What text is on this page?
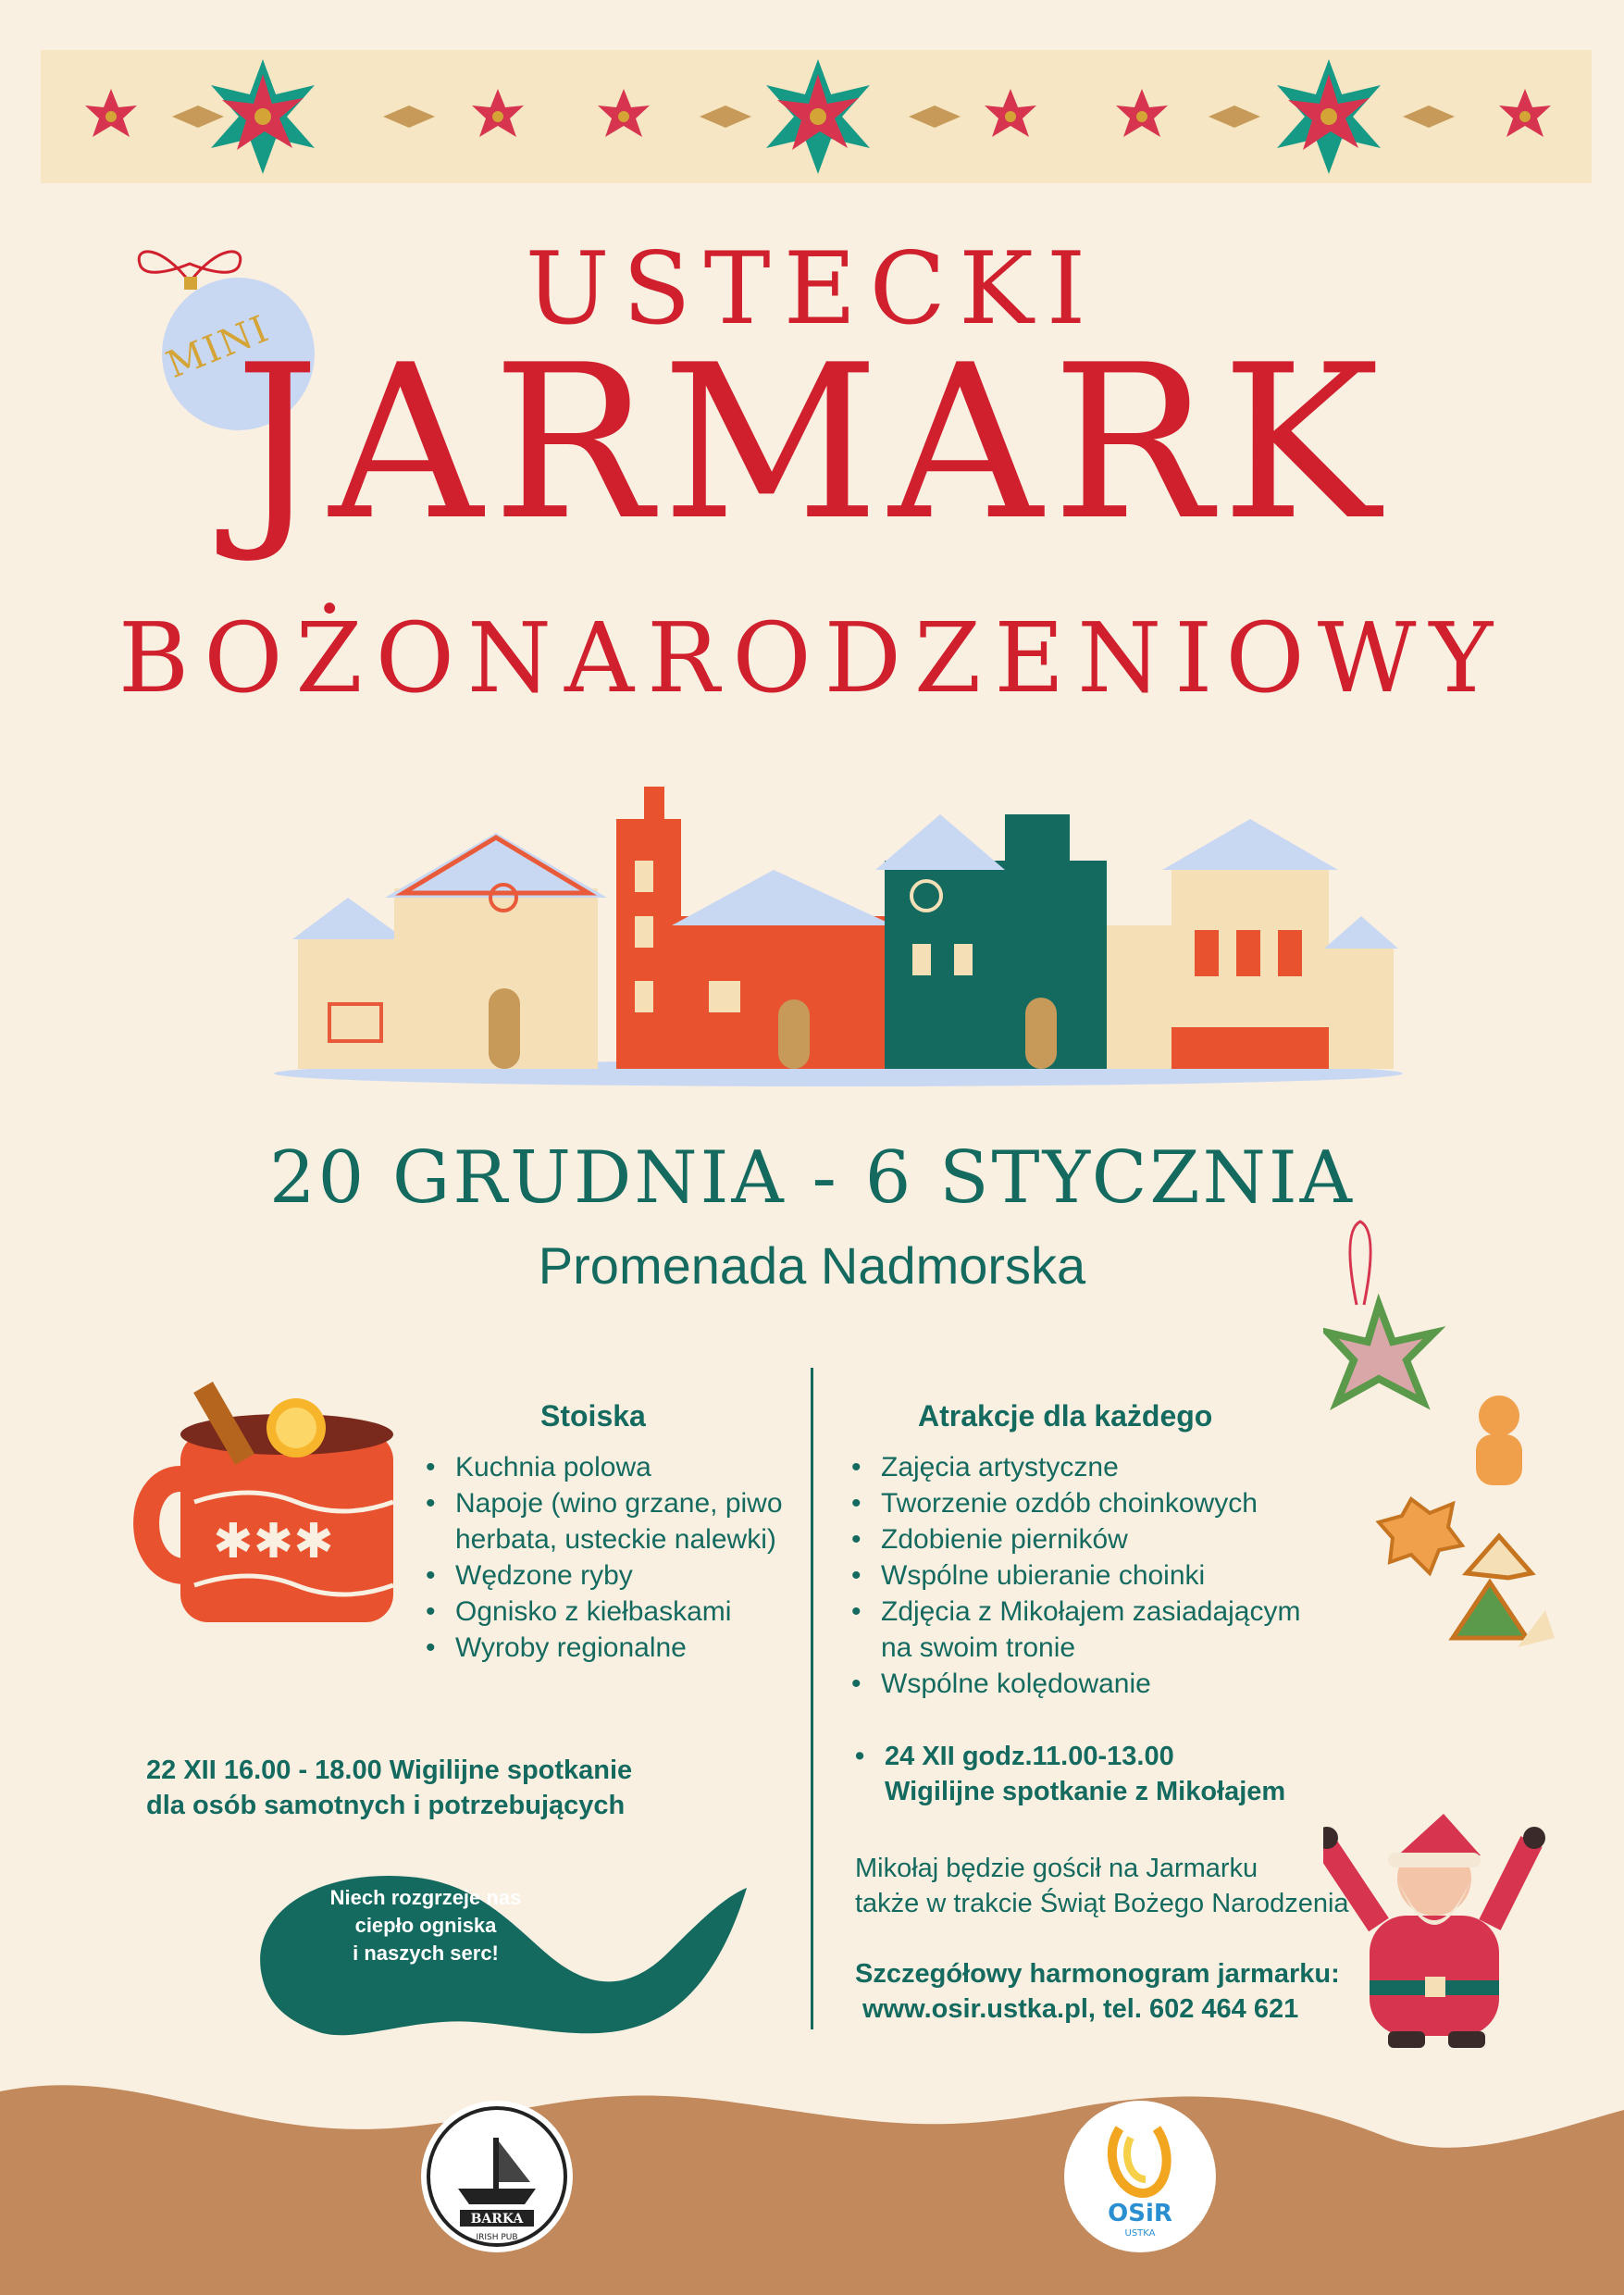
MINI	USTECKI
JARMARK
BOŻONARODZENIOWY
20 GRUDNIA - 6 STYCZNIA
Promenada Nadmorska
✱✱✱
Stoiska
• Kuchnia polowa
• Napoje (wino grzane, piwo
herbata, usteckie nalewki)
• Wędzone ryby
• Ognisko z kiełbaskami
• Wyroby regionalne
Atrakcje dla każdego
• Zajęcia artystyczne
• Tworzenie ozdób choinkowych
• Zdobienie pierników
• Wspólne ubieranie choinki
• Zdjęcia z Mikołajem zasiadającym
na swoim tronie
• Wspólne kolędowanie
22 XII 16.00 - 18.00 Wigilijne spotkanie
dla osób samotnych i potrzebujących
Niech rozgrzeje nas
ciepło ogniska
i naszych serc!
• 24 XII godz.11.00-13.00
Wigilijne spotkanie z Mikołajem
Mikołaj będzie gościł na Jarmarku
także w trakcie Świąt Bożego Narodzenia
Szczegółowy harmonogram jarmarku:
www.osir.ustka.pl, tel. 602 464 621
BARKA
IRISH PUB
OSiR
USTKA
